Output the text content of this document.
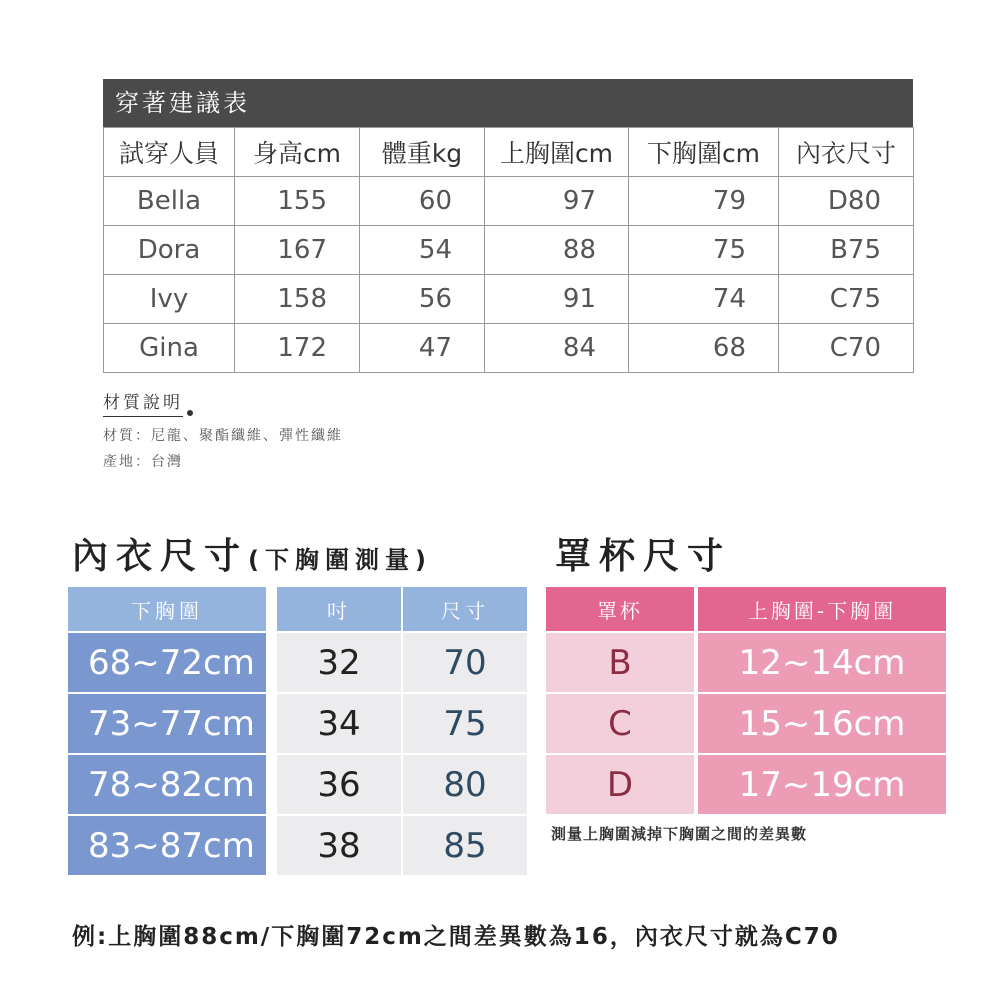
穿著建議表
試穿人員	身高cm	體重kg	上胸圍cm	下胸圍cm	內衣尺寸
Bella	155	60	97	79	D80
Dora	167	54	88	75	B75
Ivy	158	56	91	74	C75
Gina	172	47	84	68	C70
材質說明
材質：尼龍、聚酯纖維、彈性纖維
產地：台灣
內衣尺寸(下胸圍測量)	罩杯尺寸
下胸圍	吋	尺寸
68~72cm	32	70
73~77cm	34	75
78~82cm	36	80
83~87cm	38	85
罩杯	上胸圍-下胸圍
B	12~14cm
C	15~16cm
D	17~19cm
測量上胸圍減掉下胸圍之間的差異數
例:上胸圍88cm/下胸圍72cm之間差異數為16，內衣尺寸就為C70
